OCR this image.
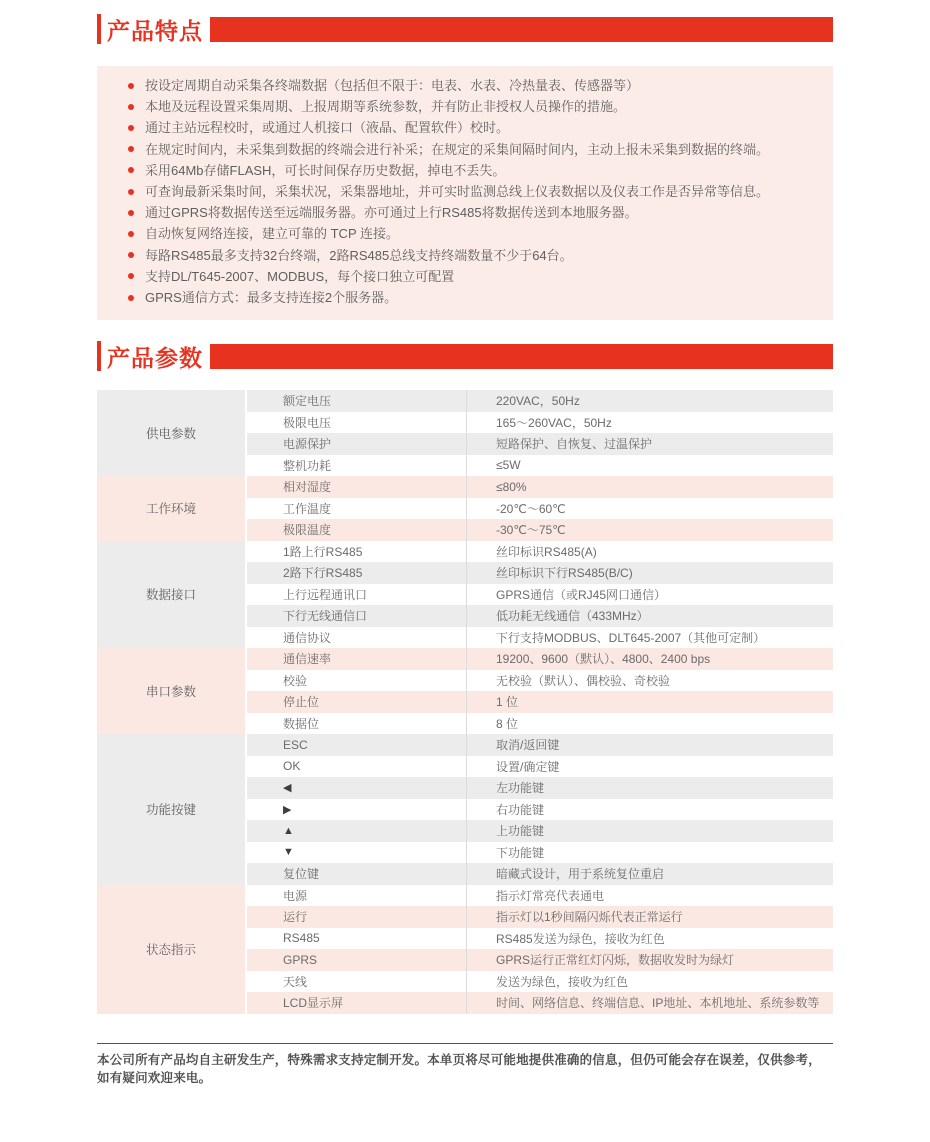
产品特点
按设定周期自动采集各终端数据（包括但不限于：电表、水表、冷热量表、传感器等）
本地及远程设置采集周期、上报周期等系统参数，并有防止非授权人员操作的措施。
通过主站远程校时，或通过人机接口（液晶、配置软件）校时。
在规定时间内，未采集到数据的终端会进行补采；在规定的采集间隔时间内，主动上报未采集到数据的终端。
采用64Mb存储FLASH，可长时间保存历史数据，掉电不丢失。
可查询最新采集时间，采集状况，采集器地址，并可实时监测总线上仪表数据以及仪表工作是否异常等信息。
通过GPRS将数据传送至远端服务器。亦可通过上行RS485将数据传送到本地服务器。
自动恢复网络连接，建立可靠的 TCP 连接。
每路RS485最多支持32台终端，2路RS485总线支持终端数量不少于64台。
支持DL/T645-2007、MODBUS，每个接口独立可配置
GPRS通信方式：最多支持连接2个服务器。
产品参数
供电参数
额定电压	220VAC，50Hz
极限电压	165～260VAC，50Hz
电源保护	短路保护、自恢复、过温保护
整机功耗	≤5W
工作环境
相对湿度	≤80%
工作温度	-20℃～60℃
极限温度	-30℃～75℃
数据接口
1路上行RS485	丝印标识RS485(A)
2路下行RS485	丝印标识下行RS485(B/C)
上行远程通讯口	GPRS通信（或RJ45网口通信）
下行无线通信口	低功耗无线通信（433MHz）
通信协议	下行支持MODBUS、DLT645-2007（其他可定制）
串口参数
通信速率	19200、9600（默认）、4800、2400 bps
校验	无校验（默认）、偶校验、奇校验
停止位	1 位
数据位	8 位
功能按键
ESC	取消/返回键
OK	设置/确定键
◀	左功能键
▶	右功能键
▲	上功能键
▼	下功能键
复位键	暗藏式设计，用于系统复位重启
状态指示
电源	指示灯常亮代表通电
运行	指示灯以1秒间隔闪烁代表正常运行
RS485	RS485发送为绿色，接收为红色
GPRS	GPRS运行正常红灯闪烁，数据收发时为绿灯
天线	发送为绿色，接收为红色
LCD显示屏	时间、网络信息、终端信息、IP地址、本机地址、系统参数等
本公司所有产品均自主研发生产，特殊需求支持定制开发。本单页将尽可能地提供准确的信息，但仍可能会存在误差，仅供参考，如有疑问欢迎来电。
